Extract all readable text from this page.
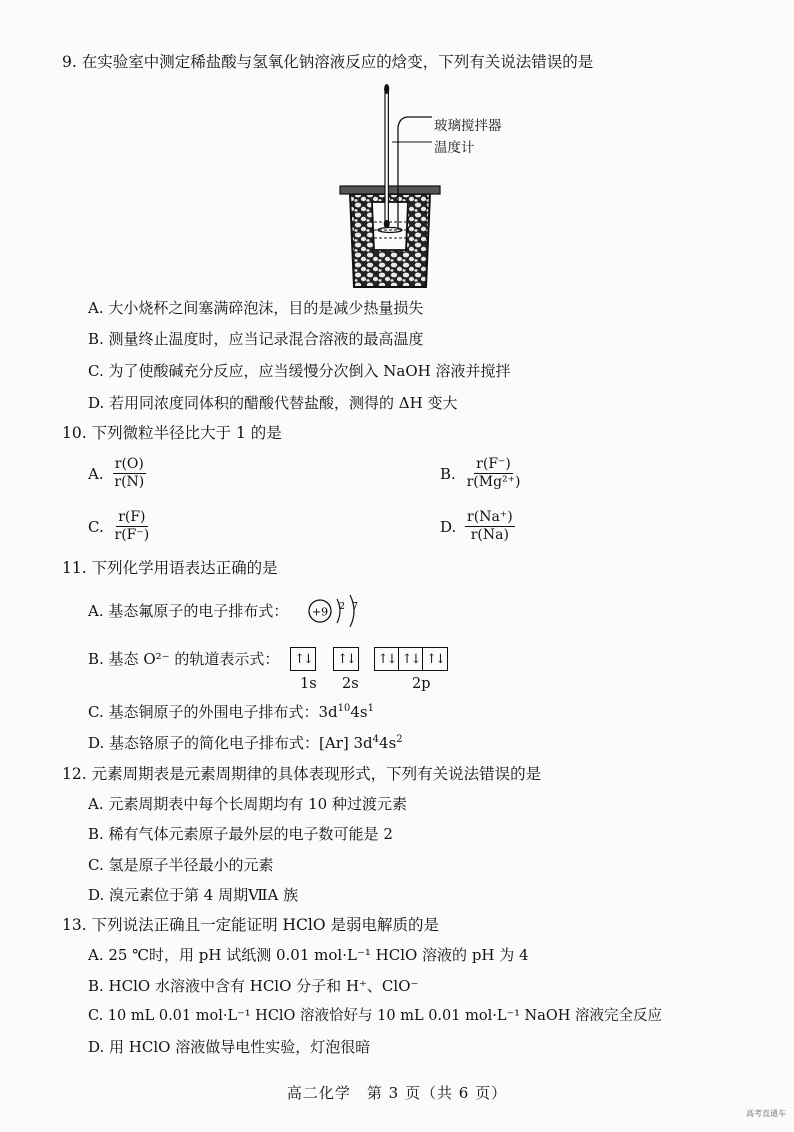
9. 在实验室中测定稀盐酸与氢氧化钠溶液反应的焓变，下列有关说法错误的是
玻璃搅拌器
温度计
A. 大小烧杯之间塞满碎泡沫，目的是减少热量损失
B. 测量终止温度时，应当记录混合溶液的最高温度
C. 为了使酸碱充分反应，应当缓慢分次倒入 NaOH 溶液并搅拌
D. 若用同浓度同体积的醋酸代替盐酸，测得的 ΔH 变大
10. 下列微粒半径比大于 1 的是
A. $\frac{r(O)}{r(N)}$	B. $\frac{r(F^-)}{\text{r(Mg²⁺)}}$
C. $\frac{r(F)}{r(F^-)}$	D. $\frac{r(Na^+)}{r(Na)}$
11. 下列化学用语表达正确的是
A. 基态氟原子的电子排布式： +9 2 7
B. 基态 O²⁻ 的轨道表示式： ↑↓ ↑↓ ↑↓ ↑↓ ↑↓
1s 2s	2p
C. 基态铜原子的外围电子排布式：$3d^{10}4s^1$
D. 基态铬原子的简化电子排布式：[Ar] $3d^44s^2$
12. 元素周期表是元素周期律的具体表现形式，下列有关说法错误的是
A. 元素周期表中每个长周期均有 10 种过渡元素
B. 稀有气体元素原子最外层的电子数可能是 2
C. 氢是原子半径最小的元素
D. 溴元素位于第 4 周期ⅦA 族
13. 下列说法正确且一定能证明 HClO 是弱电解质的是
A. 25 ℃时，用 pH 试纸测 0.01 mol·L⁻¹ HClO 溶液的 pH 为 4
B. HClO 水溶液中含有 HClO 分子和 H⁺、ClO⁻
C. 10 mL 0.01 mol·L⁻¹ HClO 溶液恰好与 10 mL 0.01 mol·L⁻¹ NaOH 溶液完全反应
D. 用 HClO 溶液做导电性实验，灯泡很暗
高二化学　第 3 页（共 6 页）
高考直通车
